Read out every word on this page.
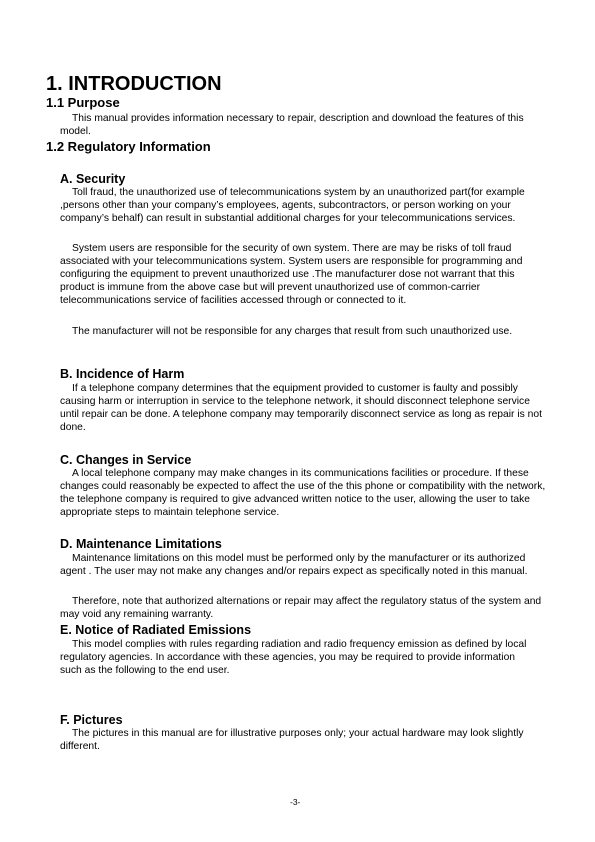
1. INTRODUCTION
1.1 Purpose

This manual provides information necessary to repair, description and download the features of this model.

1.2 Regulatory Information
A. Security

Toll fraud, the unauthorized use of telecommunications system by an unauthorized part(for example ,persons other than your company’s employees, agents, subcontractors, or person working on your company’s behalf) can result in substantial additional charges for your telecommunications services.

System users are responsible for the security of own system. There are may be risks of toll fraud associated with your telecommunications system. System users are responsible for programming and configuring the equipment to prevent unauthorized use .The manufacturer dose not warrant that this product is immune from the above case but will prevent unauthorized use of common-carrier telecommunications service of facilities accessed through or connected to it.

The manufacturer will not be responsible for any charges that result from such unauthorized use.

B. Incidence of Harm

If a telephone company determines that the equipment provided to customer is faulty and possibly causing harm or interruption in service to the telephone network, it should disconnect telephone service until repair can be done. A telephone company may temporarily disconnect service as long as repair is not done.

C. Changes in Service

A local telephone company may make changes in its communications facilities or procedure. If these changes could reasonably be expected to affect the use of the this phone or compatibility with the network, the telephone company is required to give advanced written notice to the user, allowing the user to take appropriate steps to maintain telephone service.

D. Maintenance Limitations

Maintenance limitations on this model must be performed only by the manufacturer or its authorized agent . The user may not make any changes and/or repairs expect as specifically noted in this manual.

Therefore, note that authorized alternations or repair may affect the regulatory status of the system and may void any remaining warranty.

E. Notice of Radiated Emissions

This model complies with rules regarding radiation and radio frequency emission as defined by local regulatory agencies. In accordance with these agencies, you may be required to provide information such as the following to the end user.

F. Pictures

The pictures in this manual are for illustrative purposes only; your actual hardware may look slightly different.

-3-
